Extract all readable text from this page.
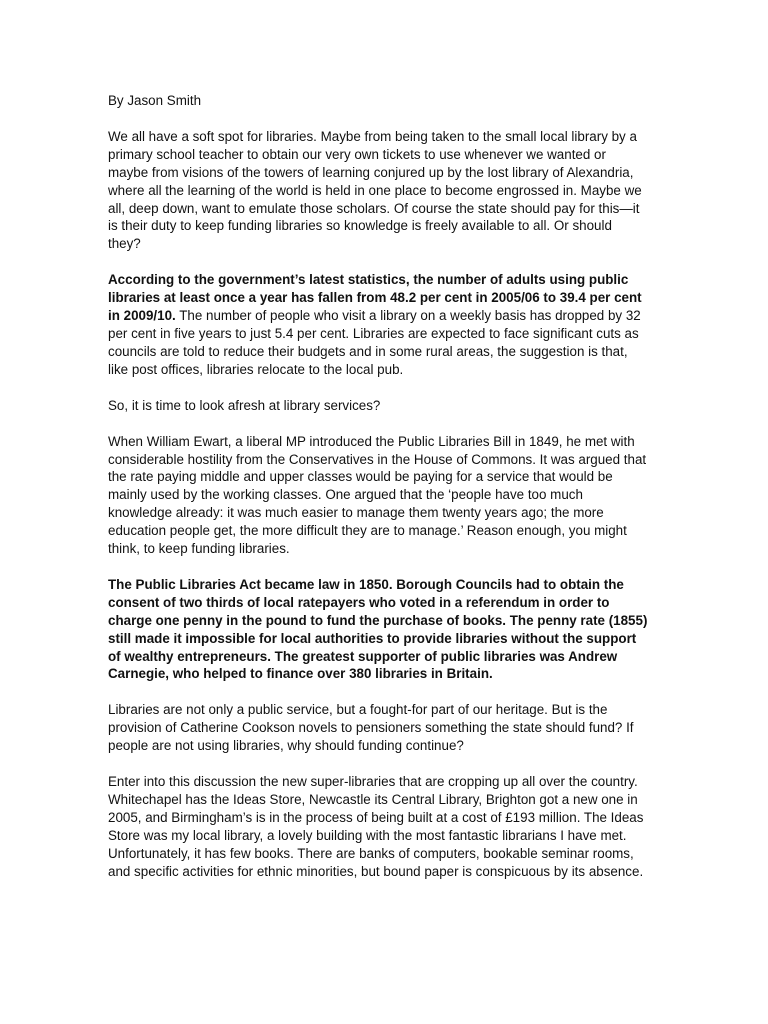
By Jason Smith

We all have a soft spot for libraries. Maybe from being taken to the small local library by a primary school teacher to obtain our very own tickets to use whenever we wanted or maybe from visions of the towers of learning conjured up by the lost library of Alexandria, where all the learning of the world is held in one place to become engrossed in. Maybe we all, deep down, want to emulate those scholars. Of course the state should pay for this—it is their duty to keep funding libraries so knowledge is freely available to all. Or should they?

According to the government’s latest statistics, the number of adults using public libraries at least once a year has fallen from 48.2 per cent in 2005/06 to 39.4 per cent in 2009/10. The number of people who visit a library on a weekly basis has dropped by 32 per cent in five years to just 5.4 per cent. Libraries are expected to face significant cuts as councils are told to reduce their budgets and in some rural areas, the suggestion is that, like post offices, libraries relocate to the local pub.

So, it is time to look afresh at library services?

When William Ewart, a liberal MP introduced the Public Libraries Bill in 1849, he met with considerable hostility from the Conservatives in the House of Commons. It was argued that the rate paying middle and upper classes would be paying for a service that would be mainly used by the working classes. One argued that the ‘people have too much knowledge already: it was much easier to manage them twenty years ago; the more education people get, the more difficult they are to manage.’ Reason enough, you might think, to keep funding libraries.

The Public Libraries Act became law in 1850. Borough Councils had to obtain the consent of two thirds of local ratepayers who voted in a referendum in order to charge one penny in the pound to fund the purchase of books. The penny rate (1855) still made it impossible for local authorities to provide libraries without the support of wealthy entrepreneurs. The greatest supporter of public libraries was Andrew Carnegie, who helped to finance over 380 libraries in Britain.

Libraries are not only a public service, but a fought-for part of our heritage. But is the provision of Catherine Cookson novels to pensioners something the state should fund? If people are not using libraries, why should funding continue?

Enter into this discussion the new super-libraries that are cropping up all over the country. Whitechapel has the Ideas Store, Newcastle its Central Library, Brighton got a new one in 2005, and Birmingham’s is in the process of being built at a cost of £193 million. The Ideas Store was my local library, a lovely building with the most fantastic librarians I have met. Unfortunately, it has few books. There are banks of computers, bookable seminar rooms, and specific activities for ethnic minorities, but bound paper is conspicuous by its absence.
